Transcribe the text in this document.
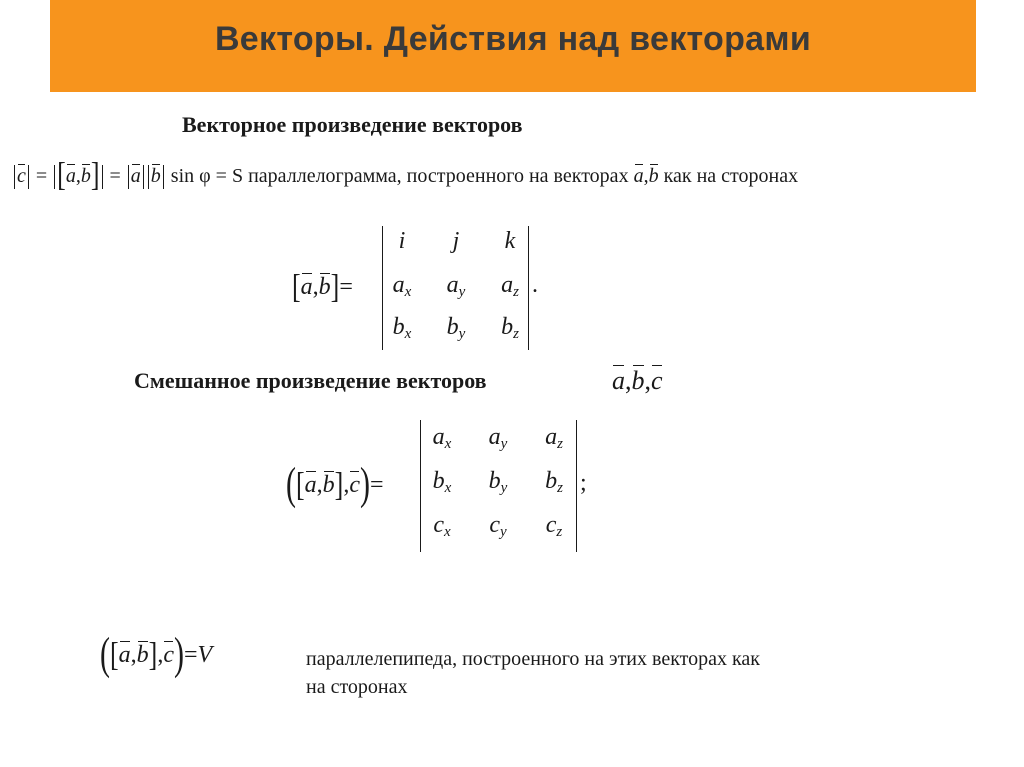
Векторы. Действия над векторами
Векторное произведение векторов
c = [a,b] = a b sin φ = S параллелограмма, построенного на векторах a,b как на сторонах
[a,b]=
i	j	k
$a_x$	$a_y$	$a_z$
$b_x$	$b_y$	$b_z$
.
Смешанное произведение векторов	a,b,c
([a,b],c)=
$a_x$	$a_y$	$a_z$
$b_x$	$b_y$	$b_z$
$c_x$	$c_y$	$c_z$
;
([a,b],c)=V	параллелепипеда, построенного на этих векторах как
на сторонах
